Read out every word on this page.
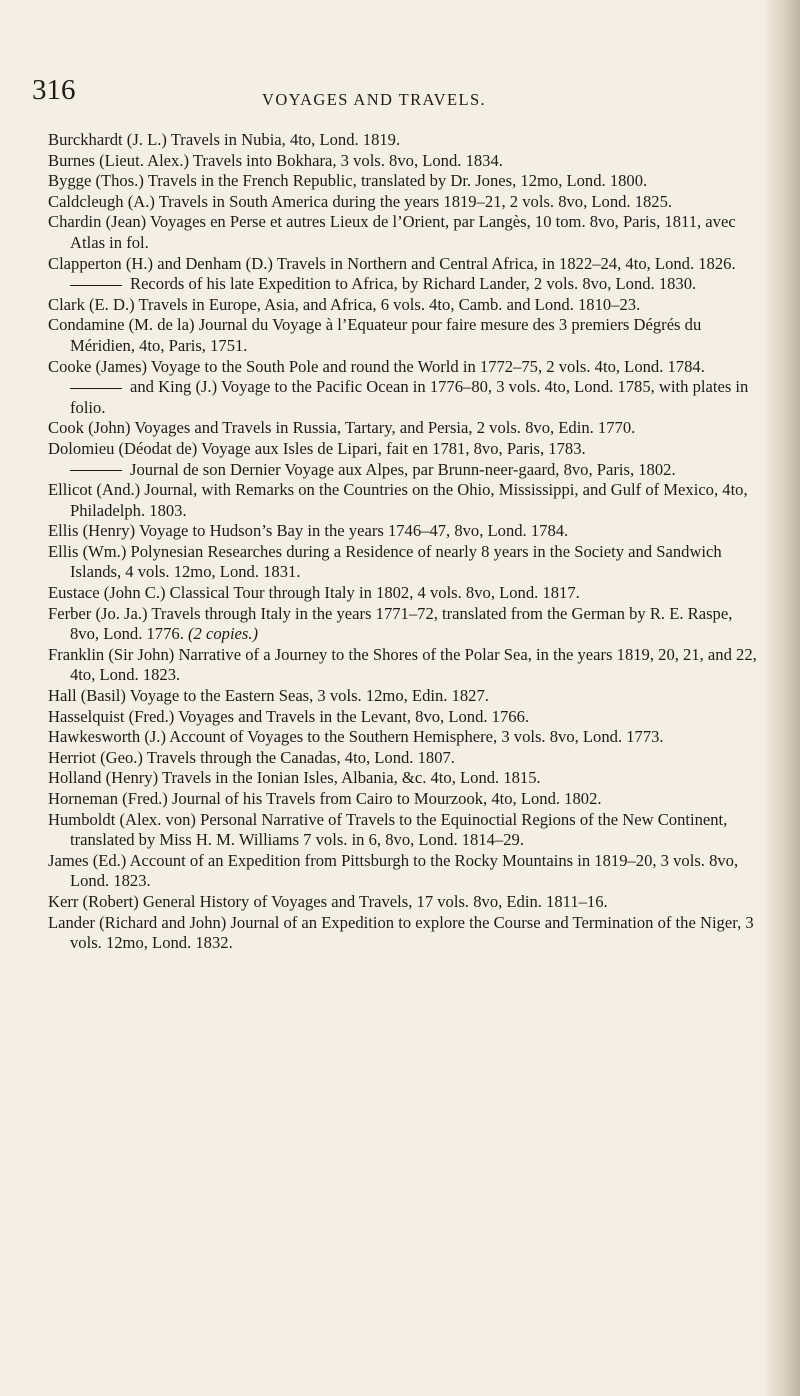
316	VOYAGES AND TRAVELS.
Burckhardt (J. L.) Travels in Nubia, 4to, Lond. 1819.
Burnes (Lieut. Alex.) Travels into Bokhara, 3 vols. 8vo, Lond. 1834.
Bygge (Thos.) Travels in the French Republic, translated by Dr. Jones, 12mo, Lond. 1800.
Caldcleugh (A.) Travels in South America during the years 1819–21, 2 vols. 8vo, Lond. 1825.
Chardin (Jean) Voyages en Perse et autres Lieux de l’Orient, par Langès, 10 tom. 8vo, Paris, 1811, avec Atlas in fol.
Clapperton (H.) and Denham (D.) Travels in Northern and Central Africa, in 1822–24, 4to, Lond. 1826.
Records of his late Expedition to Africa, by Richard Lander, 2 vols. 8vo, Lond. 1830.
Clark (E. D.) Travels in Europe, Asia, and Africa, 6 vols. 4to, Camb. and Lond. 1810–23.
Condamine (M. de la) Journal du Voyage à l’Equateur pour faire mesure des 3 premiers Dégrés du Méridien, 4to, Paris, 1751.
Cooke (James) Voyage to the South Pole and round the World in 1772–75, 2 vols. 4to, Lond. 1784.
and King (J.) Voyage to the Pacific Ocean in 1776–80, 3 vols. 4to, Lond. 1785, with plates in folio.
Cook (John) Voyages and Travels in Russia, Tartary, and Persia, 2 vols. 8vo, Edin. 1770.
Dolomieu (Déodat de) Voyage aux Isles de Lipari, fait en 1781, 8vo, Paris, 1783.
Journal de son Dernier Voyage aux Alpes, par Brunn-neer-gaard, 8vo, Paris, 1802.
Ellicot (And.) Journal, with Remarks on the Countries on the Ohio, Mississippi, and Gulf of Mexico, 4to, Philadelph. 1803.
Ellis (Henry) Voyage to Hudson’s Bay in the years 1746–47, 8vo, Lond. 1784.
Ellis (Wm.) Polynesian Researches during a Residence of nearly 8 years in the Society and Sandwich Islands, 4 vols. 12mo, Lond. 1831.
Eustace (John C.) Classical Tour through Italy in 1802, 4 vols. 8vo, Lond. 1817.
Ferber (Jo. Ja.) Travels through Italy in the years 1771–72, translated from the German by R. E. Raspe, 8vo, Lond. 1776. (2 copies.)
Franklin (Sir John) Narrative of a Journey to the Shores of the Polar Sea, in the years 1819, 20, 21, and 22, 4to, Lond. 1823.
Hall (Basil) Voyage to the Eastern Seas, 3 vols. 12mo, Edin. 1827.
Hasselquist (Fred.) Voyages and Travels in the Levant, 8vo, Lond. 1766.
Hawkesworth (J.) Account of Voyages to the Southern Hemisphere, 3 vols. 8vo, Lond. 1773.
Herriot (Geo.) Travels through the Canadas, 4to, Lond. 1807.
Holland (Henry) Travels in the Ionian Isles, Albania, &c. 4to, Lond. 1815.
Horneman (Fred.) Journal of his Travels from Cairo to Mourzook, 4to, Lond. 1802.
Humboldt (Alex. von) Personal Narrative of Travels to the Equinoctial Regions of the New Continent, translated by Miss H. M. Williams 7 vols. in 6, 8vo, Lond. 1814–29.
James (Ed.) Account of an Expedition from Pittsburgh to the Rocky Mountains in 1819–20, 3 vols. 8vo, Lond. 1823.
Kerr (Robert) General History of Voyages and Travels, 17 vols. 8vo, Edin. 1811–16.
Lander (Richard and John) Journal of an Expedition to explore the Course and Termination of the Niger, 3 vols. 12mo, Lond. 1832.
